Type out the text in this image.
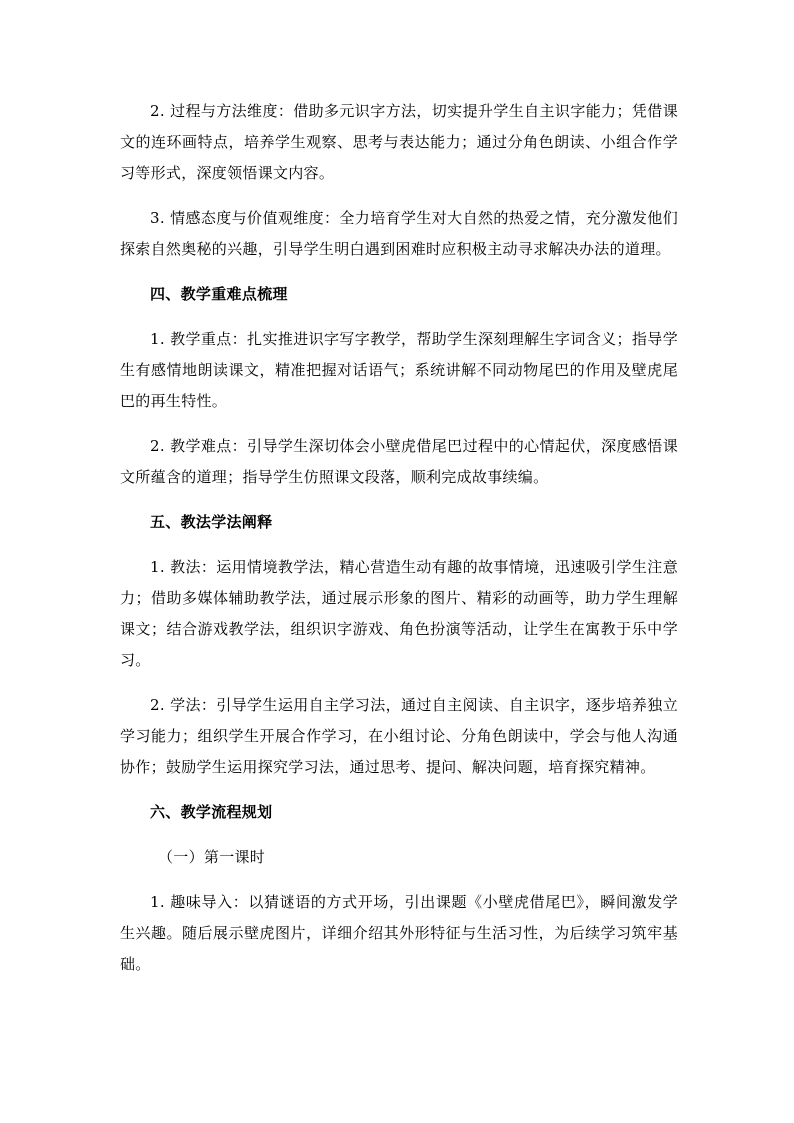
2. 过程与方法维度：借助多元识字方法，切实提升学生自主识字能力；凭借课文的连环画特点，培养学生观察、思考与表达能力；通过分角色朗读、小组合作学习等形式，深度领悟课文内容。

3. 情感态度与价值观维度：全力培育学生对大自然的热爱之情，充分激发他们探索自然奥秘的兴趣，引导学生明白遇到困难时应积极主动寻求解决办法的道理。

四、教学重难点梳理

1. 教学重点：扎实推进识字写字教学，帮助学生深刻理解生字词含义；指导学生有感情地朗读课文，精准把握对话语气；系统讲解不同动物尾巴的作用及壁虎尾巴的再生特性。

2. 教学难点：引导学生深切体会小壁虎借尾巴过程中的心情起伏，深度感悟课文所蕴含的道理；指导学生仿照课文段落，顺利完成故事续编。

五、教法学法阐释

1. 教法：运用情境教学法，精心营造生动有趣的故事情境，迅速吸引学生注意力；借助多媒体辅助教学法，通过展示形象的图片、精彩的动画等，助力学生理解课文；结合游戏教学法，组织识字游戏、角色扮演等活动，让学生在寓教于乐中学习。

2. 学法：引导学生运用自主学习法，通过自主阅读、自主识字，逐步培养独立学习能力；组织学生开展合作学习，在小组讨论、分角色朗读中，学会与他人沟通协作；鼓励学生运用探究学习法，通过思考、提问、解决问题，培育探究精神。

六、教学流程规划

（一）第一课时

1. 趣味导入：以猜谜语的方式开场，引出课题《小壁虎借尾巴》，瞬间激发学生兴趣。随后展示壁虎图片，详细介绍其外形特征与生活习性，为后续学习筑牢基础。
